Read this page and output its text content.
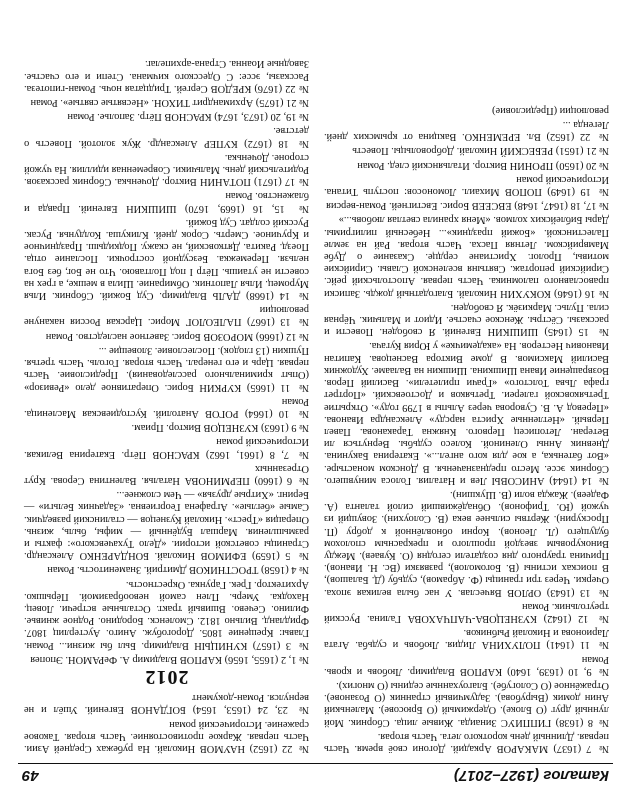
Каталог (1927–2017)
49

№ 7 (1637) МАКАРОВ Аркадий. Догони своё время. Часть первая. Длинный день короткого лета. Часть вторая.

№ 8 (1638) ГИППИУС Зинаида. Живые лица. Сборник. Мой лунный друг (О Блоке). Одержимый (О Брюсове). Маленький Анин домик (Вырубова). Задумчивый странник (О Розанове). Отражённое (О Сологубе). Благоуханные седины (О многих).

№ 9, 10 (1639, 1640) КАРПОВ Владимир. Любовь и кровь. Роман

№ 11 (1641) ПОЛУХИНА Лидия. Любовь и судьба. Агата Ларионова и Николай Рыбников.

№ 12 (1642) КУЗНЕЦОВА-ЧАПЧАХОВА Галина. Русский треугольник. Роман

№ 13 (1643) ОРЛОВ Вячеслав. У нас была великая эпоха. Очерки. Через три границы (Ф. Абрамов), судьбу (Д. Балашов), В поисках истины (В. Богомолов), развязки (Вс. Н. Иванов). Причина траурного дня создатели сегодня (О. Куваев). Между Винокуровым звездой прошлого и прекрасным сполохом будущего (Л. Леонов). Корни обновлённой к добру (П. Проскурин). Жертвы сильнее века (В. Солоухин). Зовущий из чужой (Ю. Трифонов). Обнадёживший силой таланта (А. Фадеев). Жажда воли (В. Шукшин).

№ 14 (1644) АНИСОВЫ Лев и Наталия. Голоса минувшего. Сборник эссе. Место предназначенья. В Донском монастыре. «Вот батенька, а кое для кого ангел...». Екатерина Бакунина. Дневник Анны Олениной. Колесо судьбы. Вернуться ли Ветеран. Летописец Первого. Княжна Тараканова. Павел Первый. «Нетленные Христа нарсду» Александра Иванова. «Перевод А. В. Суворова через Альпы в 1799 году». Открытие Третьяковской галереи. Третьяков и Достоевский. «Портрет графа Льва Толстого» «Грачи прилетели». Василий Перов. Возвращение Ивана Шишкина. Шишкин на Валааме. Художник Василий Максимов. В доме Виктора Васнецова. Капитан Иванович Нестеров. На «академичке» у Юрия Кугача.

№ 15 (1645) ШИШКИН Евгений. Я свободен. Повести и рассказы. Сёстры. Женское счастье. Идиот и Мальчик. Чёрная сила. Пульс. Маркизёк. Я свободен.

№ 16 (1646) КОКУХИН Николай. Благодатный дождь. Записки православного паломника. Часть первая. Апостольский рейс. Сирийский репортаж. Святыня вселенской Славы. Сирийские мотивы, Пролог. Христиане сердце. Сказание о Дубе Мамврийском. Летняя Пасха. Часть вторая. Рай на земле Палестинской. «Божий праздник»... Небесный пилигримы. Дары Библейских холмов. «Меня хранила светлая любовь...»

№ 17, 18 (1647, 1648) ЕВСЕЕВ Борис. Евстигней. Роман-версия

№ 19 (1649) ПОПОВ Михаил. Ломоносов: поступь Титана. Исторический роман

№ 20 (1650) ПРОНИН Виктор. Итальянский след. Роман

№ 21 (1651) РЕБЕСКИЙ Николай. Добровольцы. Повесть

№ 22 (1652) Вл. ЕРЕМЕНКО. Вакцина от крымских дней. Легенда ...

революции (Предисловие)

№ 22 (1652) НАУМОВ Николай. На рубежах Средней Азии. Часть первая. Жаркое противостояние. Часть вторая. Таковое сражение. Исторический роман

№ 23, 24 (1653, 1654) БОГДАНОВ Евгений. Ушёл и не вернулся. Роман-документ

2012

№ 1, 2 (1655, 1656) КАРПОВ Владимир А. ФеРАМОН. Эпопея

№ 3 (1657) КУНИЦЫН Владимир. Был бы жизни... Роман. Главы: Крещение 1805. Дорогобуж. Аниго. Аустерлиц 1807. Фридланд. Вильно 1812. Смоленск. Бородино. Родное жнивье. Филино. Сечево. Вшивый тракт. Остальные встречи. Ловец. Находка. Умерь. Плен самой невообразимой. Пёрышко. Архитектор. Грек. Гарунка. Окрестность.

№ 4 (1658) ТРОСТНИКОВ Дмитрий. Знаменитость. Роман

№ 5 (1659) ЕФИМОВ Николай. БОНДАРЕНКО Александр. Страницы советской истории. «Дело Тухачевского»: факты и размышления. Маршал Будённый — мифы, быль, жизнь. Операция «Трест». Николай Кузнецов — сталинский разведчик. Самые «беглые». Аграфена Георгиевна. «Задачник Бельги» — Беринг. «Хитрые друзья» — Чем сложнее...

№ 6 (1660) ПЕРМИНОВА Наталья. Валентина Серова. Крут Отрезанных

№ 7, 8 (1661, 1662) КРАСНОВ Пётр. Екатерина Великая. Исторический роман

№ 9 (1663) КУЗНЕЦОВ Виктор. Приам.

№ 10 (1664) РОГОВ Анатолий. Кустодиевская Масленица. Роман

№ 11 (1665) КУРКИН Борис. Оперативное дело «Ревизор» (Опыт криминального расследования). Предисловие. Часть первая. Царь и его генерал. Часть вторая. Гоголь. Часть третья. Пушкин (13 глодок). Послесловие. Зловещие ...

№ 12 (1666) МОРОЗОВ Борис. Заветное наследство. Роман

№ 13 (1667) ПАЛЕОЛОГ Морис. Царская Россия накануне революции

№ 14 (1668) ДАЛЬ Владимир. Суд Божий. Сборник. Илья Муромец. Илья Лапотник. Обмирание. Шила в мешке, а грех на совести не утаишь. Пётр I под Полтавою. Что не Бог, без Бога нельзя. Перемежка. Безсудной сострочки. Послание отца. Поезд. Ракита. Дятковский, не скажу. Подкидыш. Праздничное и Кручиное. Смерть. Сорок дней. Кликуша. Колдунья. Русак. Русский солдат. Суд Божий.

№ 15, 16 (1669, 1670) ШИШКИН Евгений. Правда и блаженство. Роман

№ 17 (1671) ПОТАНИН Виктор. Доченька. Сборник рассказов. Родительский день. Мальчики. Современная идиллия. На чужой стороне. Доченька.

№ 18 (1672) КУПЕР Александр. Жук золотой. Повесть о детстве.

№ 19, 20 (1673, 1674) КРАСНОВ Пётр. Заполье. Роман

№ 21 (1675) Архимандрит ТИХОН. «Несвятые святые». Роман

№ 22 (1676) КРЕДОВ Сергей. Тридцатая ночь. Роман-гипотеза. Рассказы, эссе: С Одесского кичмана. Степи и его счастье. Заводные Иоанна. Страна-архипелаг.
